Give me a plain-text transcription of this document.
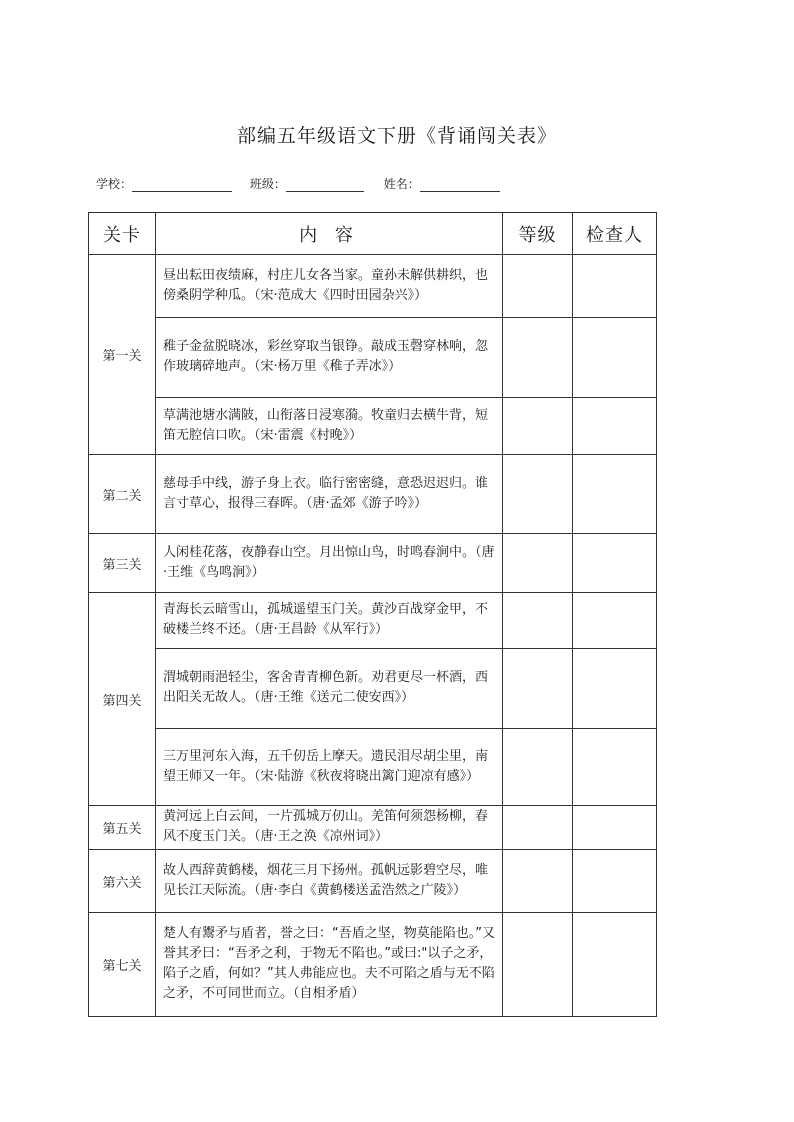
部编五年级语文下册《背诵闯关表》
学校：	班级：	姓名：
关卡	内 容	等级	检查人
第一关	昼出耘田夜绩麻，村庄儿女各当家。童孙未解供耕织，也傍桑阴学种瓜。（宋·范成大《四时田园杂兴》）		
	稚子金盆脱晓冰，彩丝穿取当银铮。敲成玉磬穿林响，忽作玻璃碎地声。（宋·杨万里《稚子弄冰》）		
	草满池塘水满陂，山衔落日浸寒漪。牧童归去横牛背，短笛无腔信口吹。（宋·雷震《村晚》）		
第二关	慈母手中线，游子身上衣。临行密密缝，意恐迟迟归。谁言寸草心，报得三春晖。（唐·孟郊《游子吟》）		
第三关	人闲桂花落，夜静春山空。月出惊山鸟，时鸣春涧中。（唐·王维《鸟鸣涧》）		
第四关	青海长云暗雪山，孤城遥望玉门关。黄沙百战穿金甲，不破楼兰终不还。（唐·王昌龄《从军行》）		
	渭城朝雨浥轻尘，客舍青青柳色新。劝君更尽一杯酒，西出阳关无故人。（唐·王维《送元二使安西》）		
	三万里河东入海，五千仞岳上摩天。遗民泪尽胡尘里，南望王师又一年。（宋·陆游《秋夜将晓出篱门迎凉有感》）		
第五关	黄河远上白云间，一片孤城万仞山。羌笛何须怨杨柳，春风不度玉门关。（唐·王之涣《凉州词》）		
第六关	故人西辞黄鹤楼，烟花三月下扬州。孤帆远影碧空尽，唯见长江天际流。（唐·李白《黄鹤楼送孟浩然之广陵》）		
第七关	楚人有鬻矛与盾者，誉之曰：“吾盾之坚，物莫能陷也。”又誉其矛曰：“吾矛之利，于物无不陷也。”或曰:"以子之矛，陷子之盾，何如？”其人弗能应也。夫不可陷之盾与无不陷之矛，不可同世而立。（自相矛盾）		
